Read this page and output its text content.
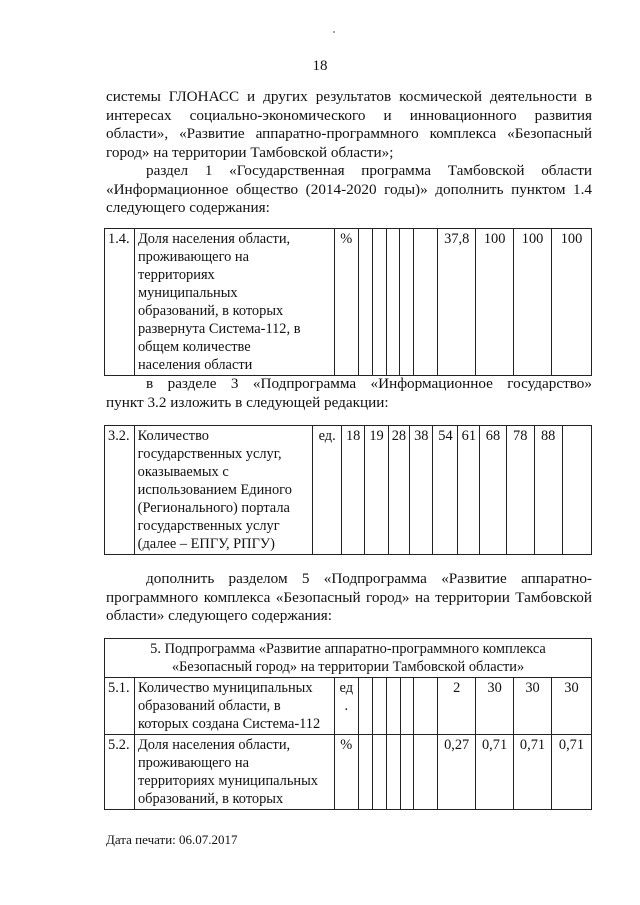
18
системы ГЛОНАСС и других результатов космической деятельности в
интересах социально-экономического и инновационного развития
области», «Развитие аппаратно-программного комплекса «Безопасный
город» на территории Тамбовской области»;
раздел 1 «Государственная программа Тамбовской области
«Информационное общество (2014-2020 годы)» дополнить пунктом 1.4
следующего содержания:
1.4.	Доля населения области,
проживающего на
территориях
муниципальных
образований, в которых
развернута Система-112, в
общем количестве
населения области
	%						37,8	100	100	100
в разделе 3 «Подпрограмма «Информационное государство»
пункт 3.2 изложить в следующей редакции:
3.2.	Количество
государственных услуг,
оказываемых с
использованием Единого
(Регионального) портала
государственных услуг
(далее – ЕПГУ, РПГУ)
	ед.	18	19	28	38	54	61	68	78	88	
дополнить разделом 5 «Подпрограмма «Развитие аппаратно-
программного комплекса «Безопасный город» на территории Тамбовской
области» следующего содержания:
5. Подпрограмма «Развитие аппаратно-программного комплекса
«Безопасный город» на территории Тамбовской области»											

5.1.	Количество муниципальных
образований области, в
которых создана Система-112	ед
.						2	30	30	30
5.2.	Доля населения области,
проживающего на
территориях муниципальных
образований, в которых	%						0,27	0,71	0,71	0,71
Дата печати: 06.07.2017
